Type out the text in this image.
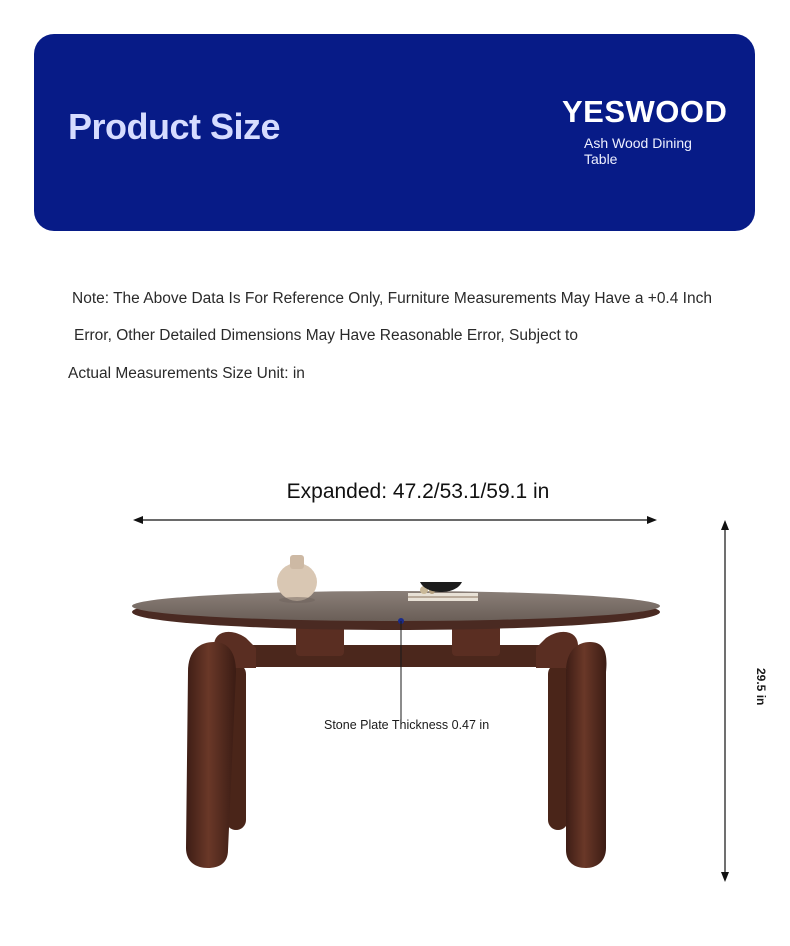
Product Size	YESWOOD
Ash Wood Dining Table
Note: The Above Data Is For Reference Only, Furniture Measurements May Have a +0.4 Inch
Error, Other Detailed Dimensions May Have Reasonable Error, Subject to
Actual Measurements Size Unit: in
Expanded: 47.2/53.1/59.1 in
Stone Plate Thickness 0.47 in
29.5 in
